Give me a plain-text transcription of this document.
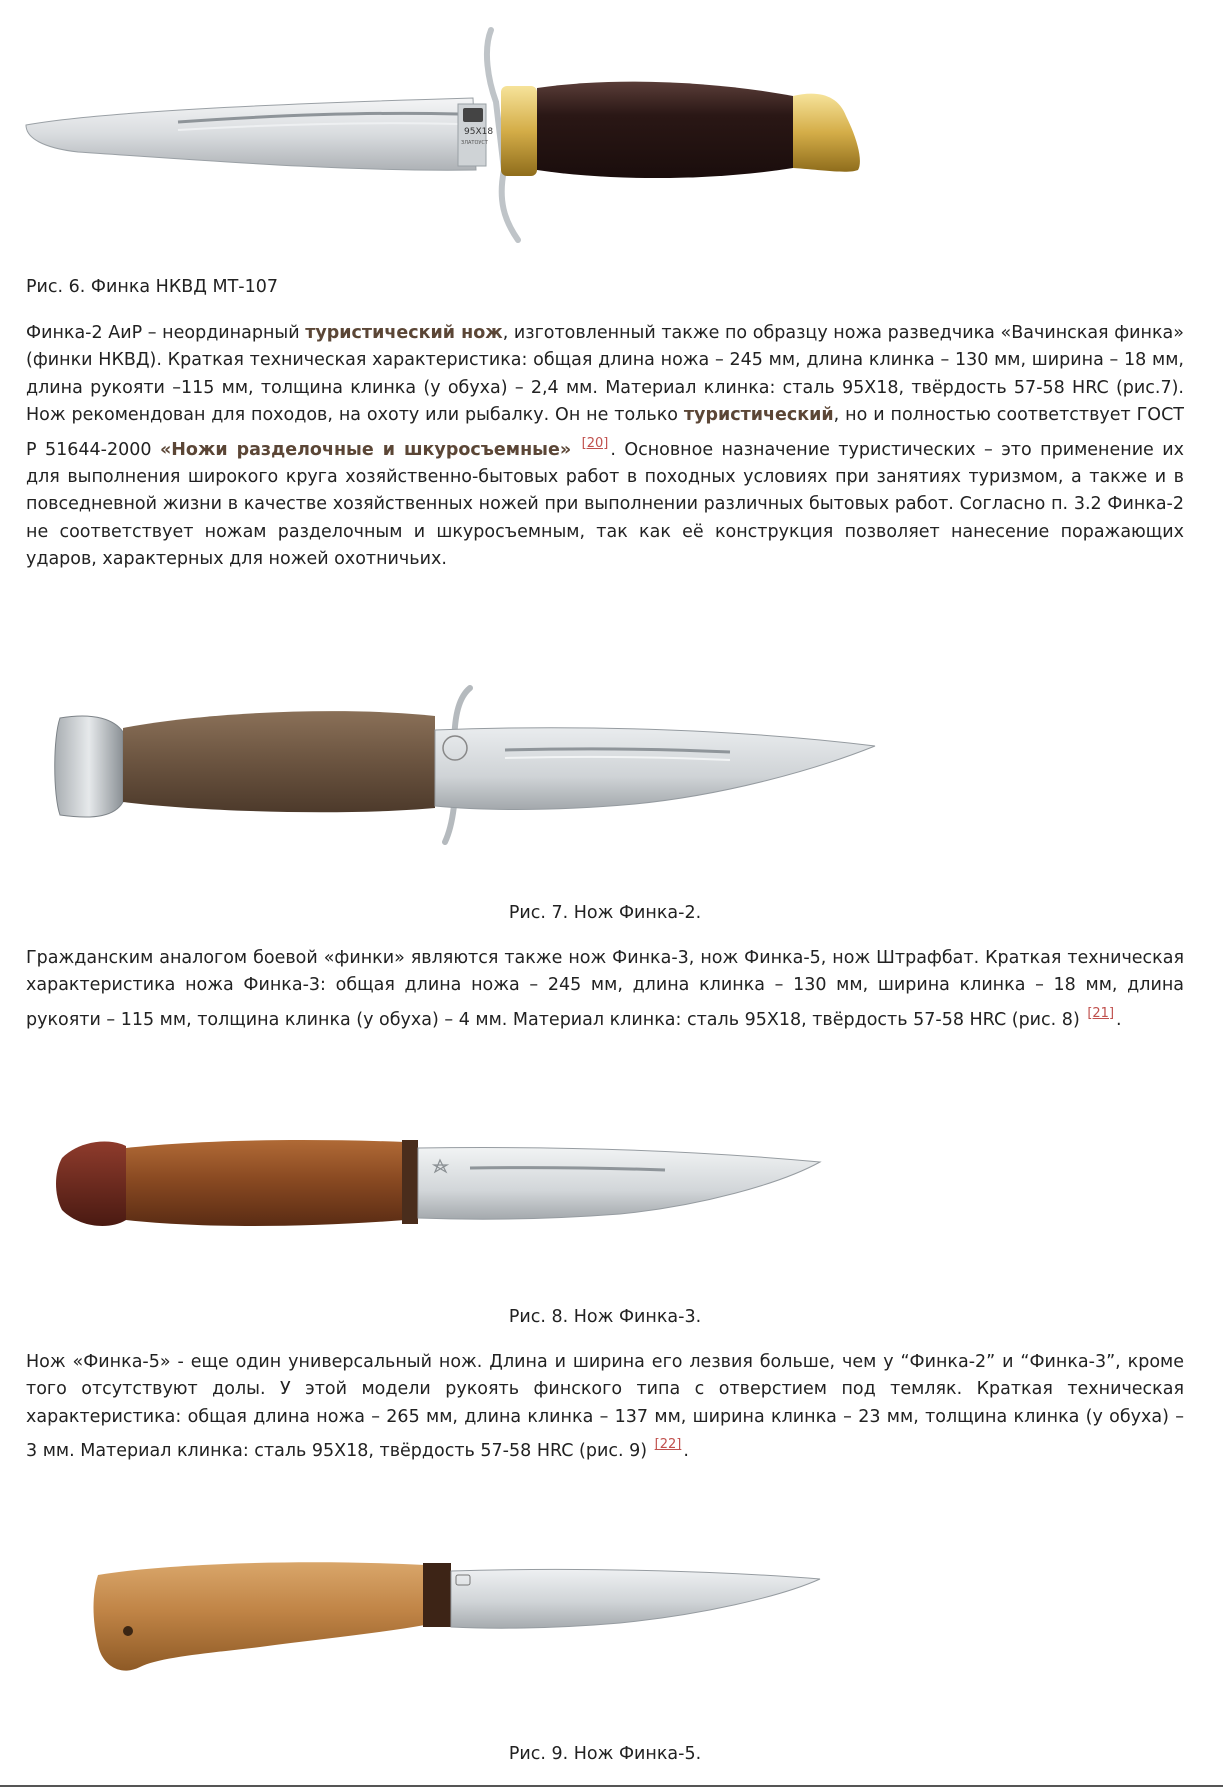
95X18
ЗЛАТОУСТ
Рис. 6. Финка НКВД МТ-107
Финка-2 АиР – неординарный туристический нож, изготовленный также по образцу ножа разведчика «Вачинская финка» (финки НКВД). Краткая техническая характеристика: общая длина ножа – 245 мм, длина клинка – 130 мм, ширина – 18 мм, длина рукояти –115 мм, толщина клинка (у обуха) – 2,4 мм. Материал клинка: сталь 95Х18, твёрдость 57-58 HRC (рис.7). Нож рекомендован для походов, на охоту или рыбалку. Он не только туристический, но и полностью соответствует ГОСТ Р 51644-2000 «Ножи разделочные и шкуросъемные» [20] . Основное назначение туристических – это применение их для выполнения широкого круга хозяйственно-бытовых работ в походных условиях при занятиях туризмом, а также и в повседневной жизни в качестве хозяйственных ножей при выполнении различных бытовых работ. Согласно п. 3.2 Финка-2 не соответствует ножам разделочным и шкуросъемным, так как её конструкция позволяет нанесение поражающих ударов, характерных для ножей охотничьих.
Рис. 7. Нож Финка-2.
Гражданским аналогом боевой «финки» являются также нож Финка-3, нож Финка-5, нож Штрафбат. Краткая техническая характеристика ножа Финка-3: общая длина ножа – 245 мм, длина клинка – 130 мм, ширина клинка – 18 мм, длина рукояти – 115 мм, толщина клинка (у обуха) – 4 мм. Материал клинка: сталь 95Х18, твёрдость 57-58 HRC (рис. 8) [21] .
Рис. 8. Нож Финка-3.
Нож «Финка-5» - еще один универсальный нож. Длина и ширина его лезвия больше, чем у “Финка-2” и “Финка-3”, кроме того отсутствуют долы. У этой модели рукоять финского типа с отверстием под темляк. Краткая техническая характеристика: общая длина ножа – 265 мм, длина клинка – 137 мм, ширина клинка – 23 мм, толщина клинка (у обуха) – 3 мм. Материал клинка: сталь 95Х18, твёрдость 57-58 HRC (рис. 9) [22] .
Рис. 9. Нож Финка-5.
